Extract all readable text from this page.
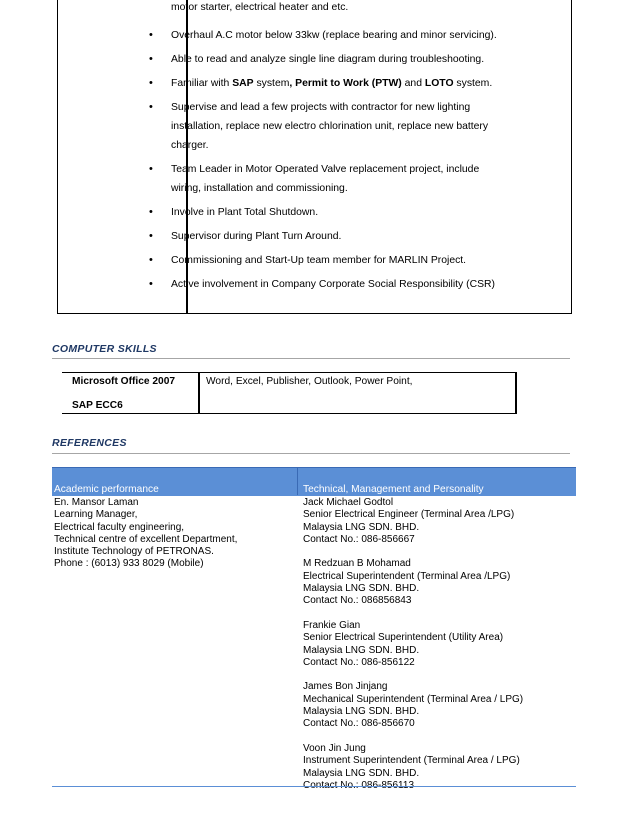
motor starter, electrical heater and etc.
• Overhaul A.C motor below 33kw (replace bearing and minor servicing).
• Able to read and analyze single line diagram during troubleshooting.
• Familiar with SAP system, Permit to Work (PTW) and LOTO system.
• Supervise and lead a few projects with contractor for new lighting
installation, replace new electro chlorination unit, replace new battery
charger.
• Team Leader in Motor Operated Valve replacement project, include
wiring, installation and commissioning.
• Involve in Plant Total Shutdown.
• Supervisor during Plant Turn Around.
• Commissioning and Start-Up team member for MARLIN Project.
• Active involvement in Company Corporate Social Responsibility (CSR)
COMPUTER SKILLS
Microsoft Office 2007	Word, Excel, Publisher, Outlook, Power Point,
SAP ECC6
REFERENCES
Academic performance	Technical, Management and Personality
En. Mansor Laman
Learning Manager,
Electrical faculty engineering,
Technical centre of excellent Department,
Institute Technology of PETRONAS.
Phone : (6013) 933 8029 (Mobile)
Jack Michael Godtol
Senior Electrical Engineer (Terminal Area /LPG)
Malaysia LNG SDN. BHD.
Contact No.: 086-856667
M Redzuan B Mohamad
Electrical Superintendent (Terminal Area /LPG)
Malaysia LNG SDN. BHD.
Contact No.: 086856843
Frankie Gian
Senior Electrical Superintendent (Utility Area)
Malaysia LNG SDN. BHD.
Contact No.: 086-856122
James Bon Jinjang
Mechanical Superintendent (Terminal Area / LPG)
Malaysia LNG SDN. BHD.
Contact No.: 086-856670
Voon Jin Jung
Instrument Superintendent (Terminal Area / LPG)
Malaysia LNG SDN. BHD.
